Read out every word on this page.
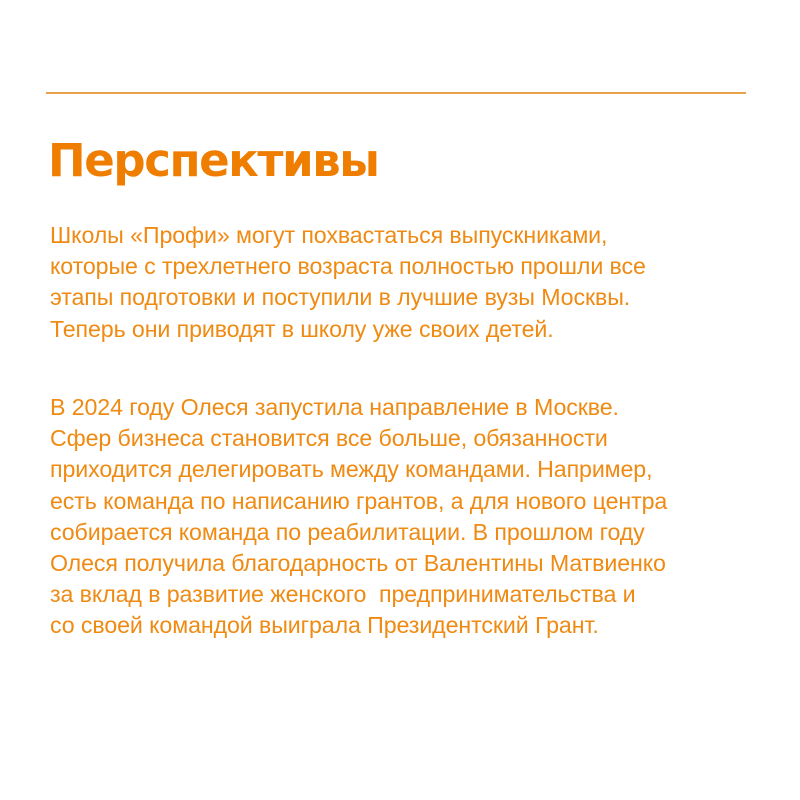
Перспективы
Школы «Профи» могут похвастаться выпускниками,
которые с трехлетнего возраста полностью прошли все
этапы подготовки и поступили в лучшие вузы Москвы.
Теперь они приводят в школу уже своих детей.
В 2024 году Олеся запустила направление в Москве.
Сфер бизнеса становится все больше, обязанности
приходится делегировать между командами. Например,
есть команда по написанию грантов, а для нового центра
собирается команда по реабилитации. В прошлом году
Олеся получила благодарность от Валентины Матвиенко
за вклад в развитие женского  предпринимательства и
со своей командой выиграла Президентский Грант.
